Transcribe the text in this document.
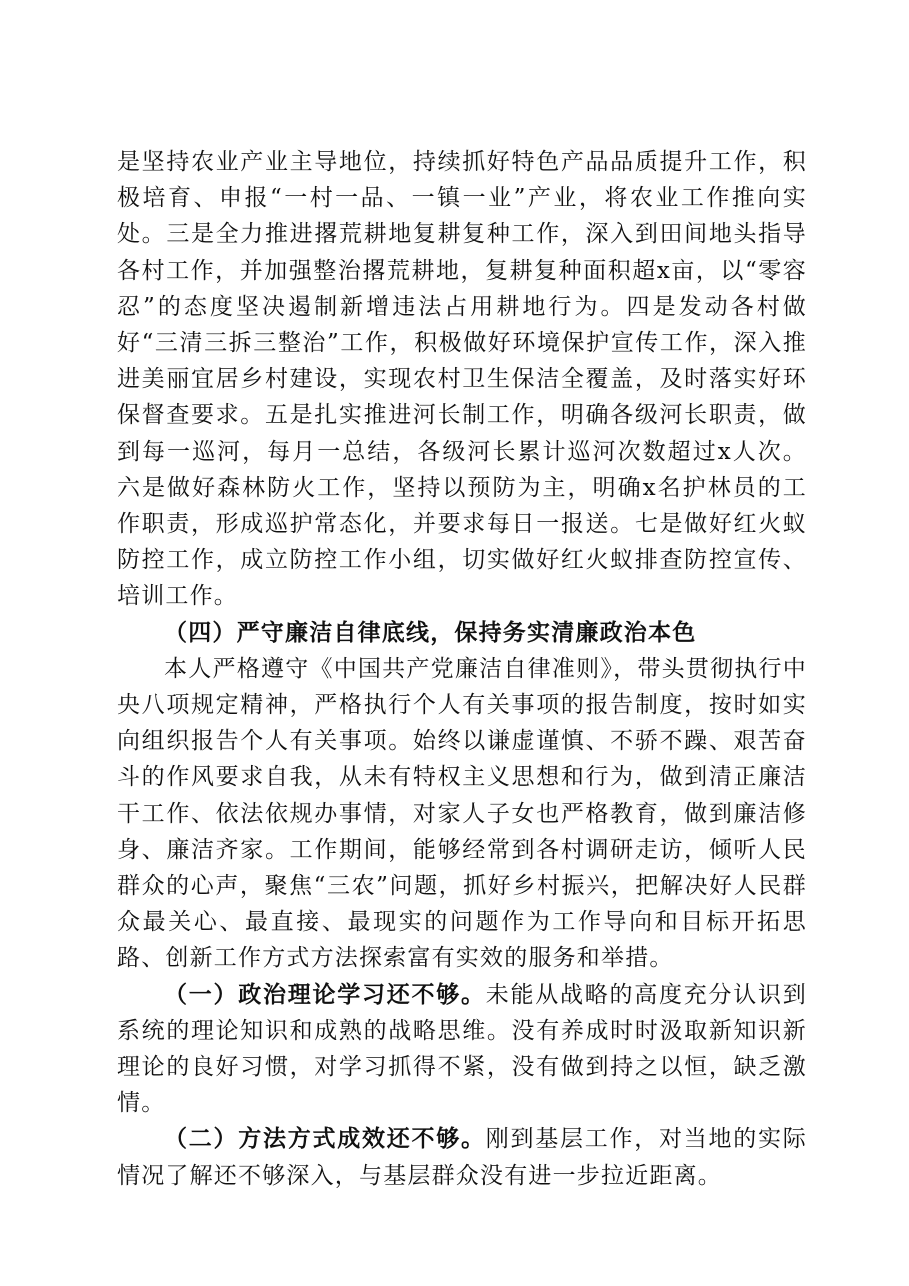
是坚持农业产业主导地位，持续抓好特色产品品质提升工作，积极培育、申报“一村一品、一镇一业”产业，将农业工作推向实处。三是全力推进撂荒耕地复耕复种工作，深入到田间地头指导各村工作，并加强整治撂荒耕地，复耕复种面积超x亩，以“零容忍”的态度坚决遏制新增违法占用耕地行为。四是发动各村做好“三清三拆三整治”工作，积极做好环境保护宣传工作，深入推进美丽宜居乡村建设，实现农村卫生保洁全覆盖，及时落实好环保督查要求。五是扎实推进河长制工作，明确各级河长职责，做到每一巡河，每月一总结，各级河长累计巡河次数超过x人次。六是做好森林防火工作，坚持以预防为主，明确x名护林员的工作职责，形成巡护常态化，并要求每日一报送。七是做好红火蚁防控工作，成立防控工作小组，切实做好红火蚁排查防控宣传、培训工作。

（四）严守廉洁自律底线，保持务实清廉政治本色

本人严格遵守《中国共产党廉洁自律准则》，带头贯彻执行中央八项规定精神，严格执行个人有关事项的报告制度，按时如实向组织报告个人有关事项。始终以谦虚谨慎、不骄不躁、艰苦奋斗的作风要求自我，从未有特权主义思想和行为，做到清正廉洁干工作、依法依规办事情，对家人子女也严格教育，做到廉洁修身、廉洁齐家。工作期间，能够经常到各村调研走访，倾听人民群众的心声，聚焦“三农”问题，抓好乡村振兴，把解决好人民群众最关心、最直接、最现实的问题作为工作导向和目标开拓思路、创新工作方式方法探索富有实效的服务和举措。

（一）政治理论学习还不够。未能从战略的高度充分认识到系统的理论知识和成熟的战略思维。没有养成时时汲取新知识新理论的良好习惯，对学习抓得不紧，没有做到持之以恒，缺乏激情。

（二）方法方式成效还不够。刚到基层工作，对当地的实际情况了解还不够深入，与基层群众没有进一步拉近距离。
